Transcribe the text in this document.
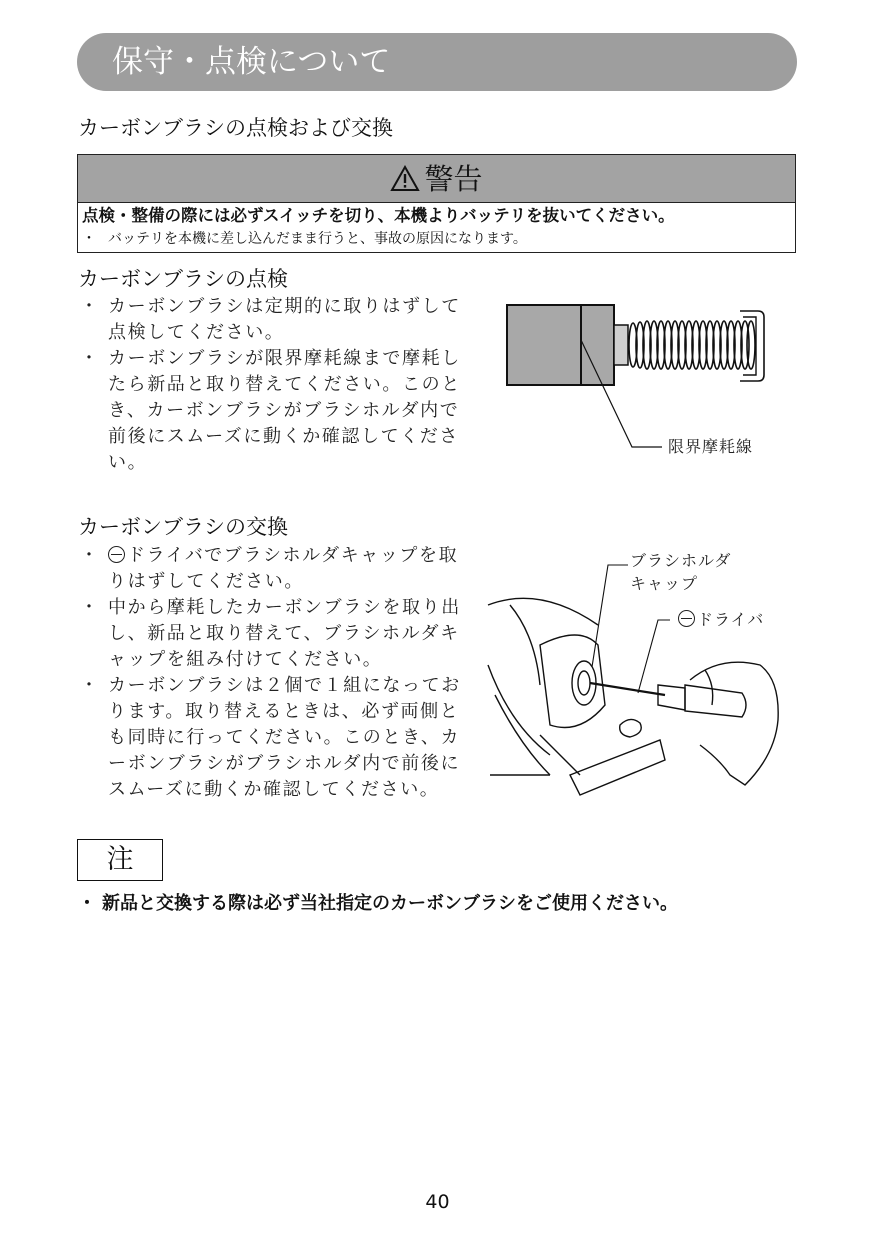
保守・点検について
カーボンブラシの点検および交換
警告
点検・整備の際には必ずスイッチを切り、本機よりバッテリを抜いてください。
・ バッテリを本機に差し込んだまま行うと、事故の原因になります。
カーボンブラシの点検
・ カーボンブラシは定期的に取りはずして点検してください。
・ カーボンブラシが限界摩耗線まで摩耗したら新品と取り替えてください。このとき、カーボンブラシがブラシホルダ内で前後にスムーズに動くか確認してください。
限界摩耗線
カーボンブラシの交換
・ ドライバでブラシホルダキャップを取りはずしてください。
・ 中から摩耗したカーボンブラシを取り出し、新品と取り替えて、ブラシホルダキャップを組み付けてください。
・ カーボンブラシは２個で１組になっております。取り替えるときは、必ず両側とも同時に行ってください。このとき、カーボンブラシがブラシホルダ内で前後にスムーズに動くか確認してください。
ブラシホルダ
キャップ
ドライバ
注
・ 新品と交換する際は必ず当社指定のカーボンブラシをご使用ください。
40
